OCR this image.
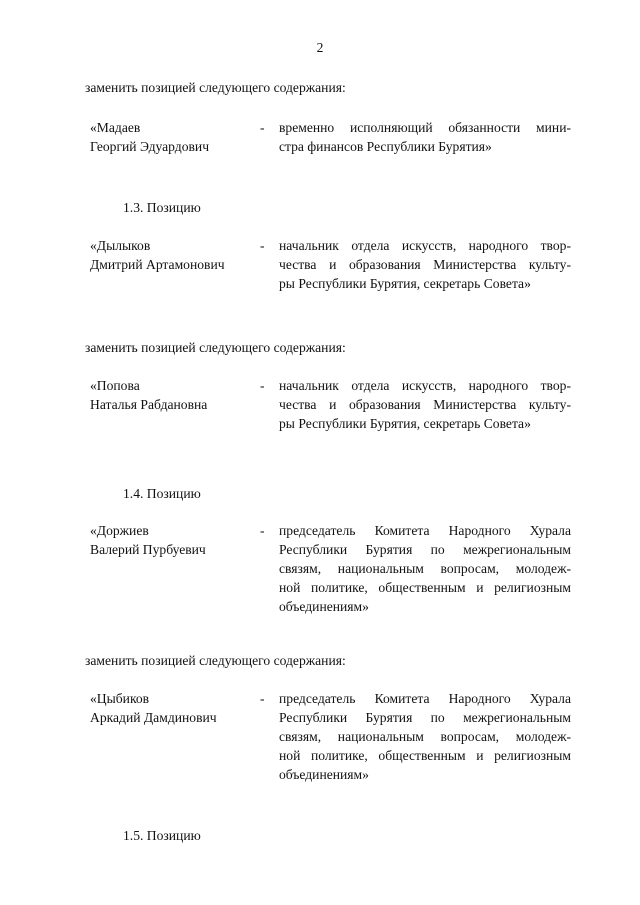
2
заменить позицией следующего содержания:
«Мадаев
Георгий Эдуардович
- временно исполняющий обязанности мини-
стра финансов Республики Бурятия»
1.3. Позицию
«Дылыков
Дмитрий Артамонович
- начальник отдела искусств, народного твор-
чества и образования Министерства культу-
ры Республики Бурятия, секретарь Совета»
заменить позицией следующего содержания:
«Попова
Наталья Рабдановна
- начальник отдела искусств, народного твор-
чества и образования Министерства культу-
ры Республики Бурятия, секретарь Совета»
1.4. Позицию
«Доржиев
Валерий Пурбуевич
- председатель Комитета Народного Хурала
Республики Бурятия по межрегиональным
связям, национальным вопросам, молодеж-
ной политике, общественным и религиозным
объединениям»
заменить позицией следующего содержания:
«Цыбиков
Аркадий Дамдинович
- председатель Комитета Народного Хурала
Республики Бурятия по межрегиональным
связям, национальным вопросам, молодеж-
ной политике, общественным и религиозным
объединениям»
1.5. Позицию
